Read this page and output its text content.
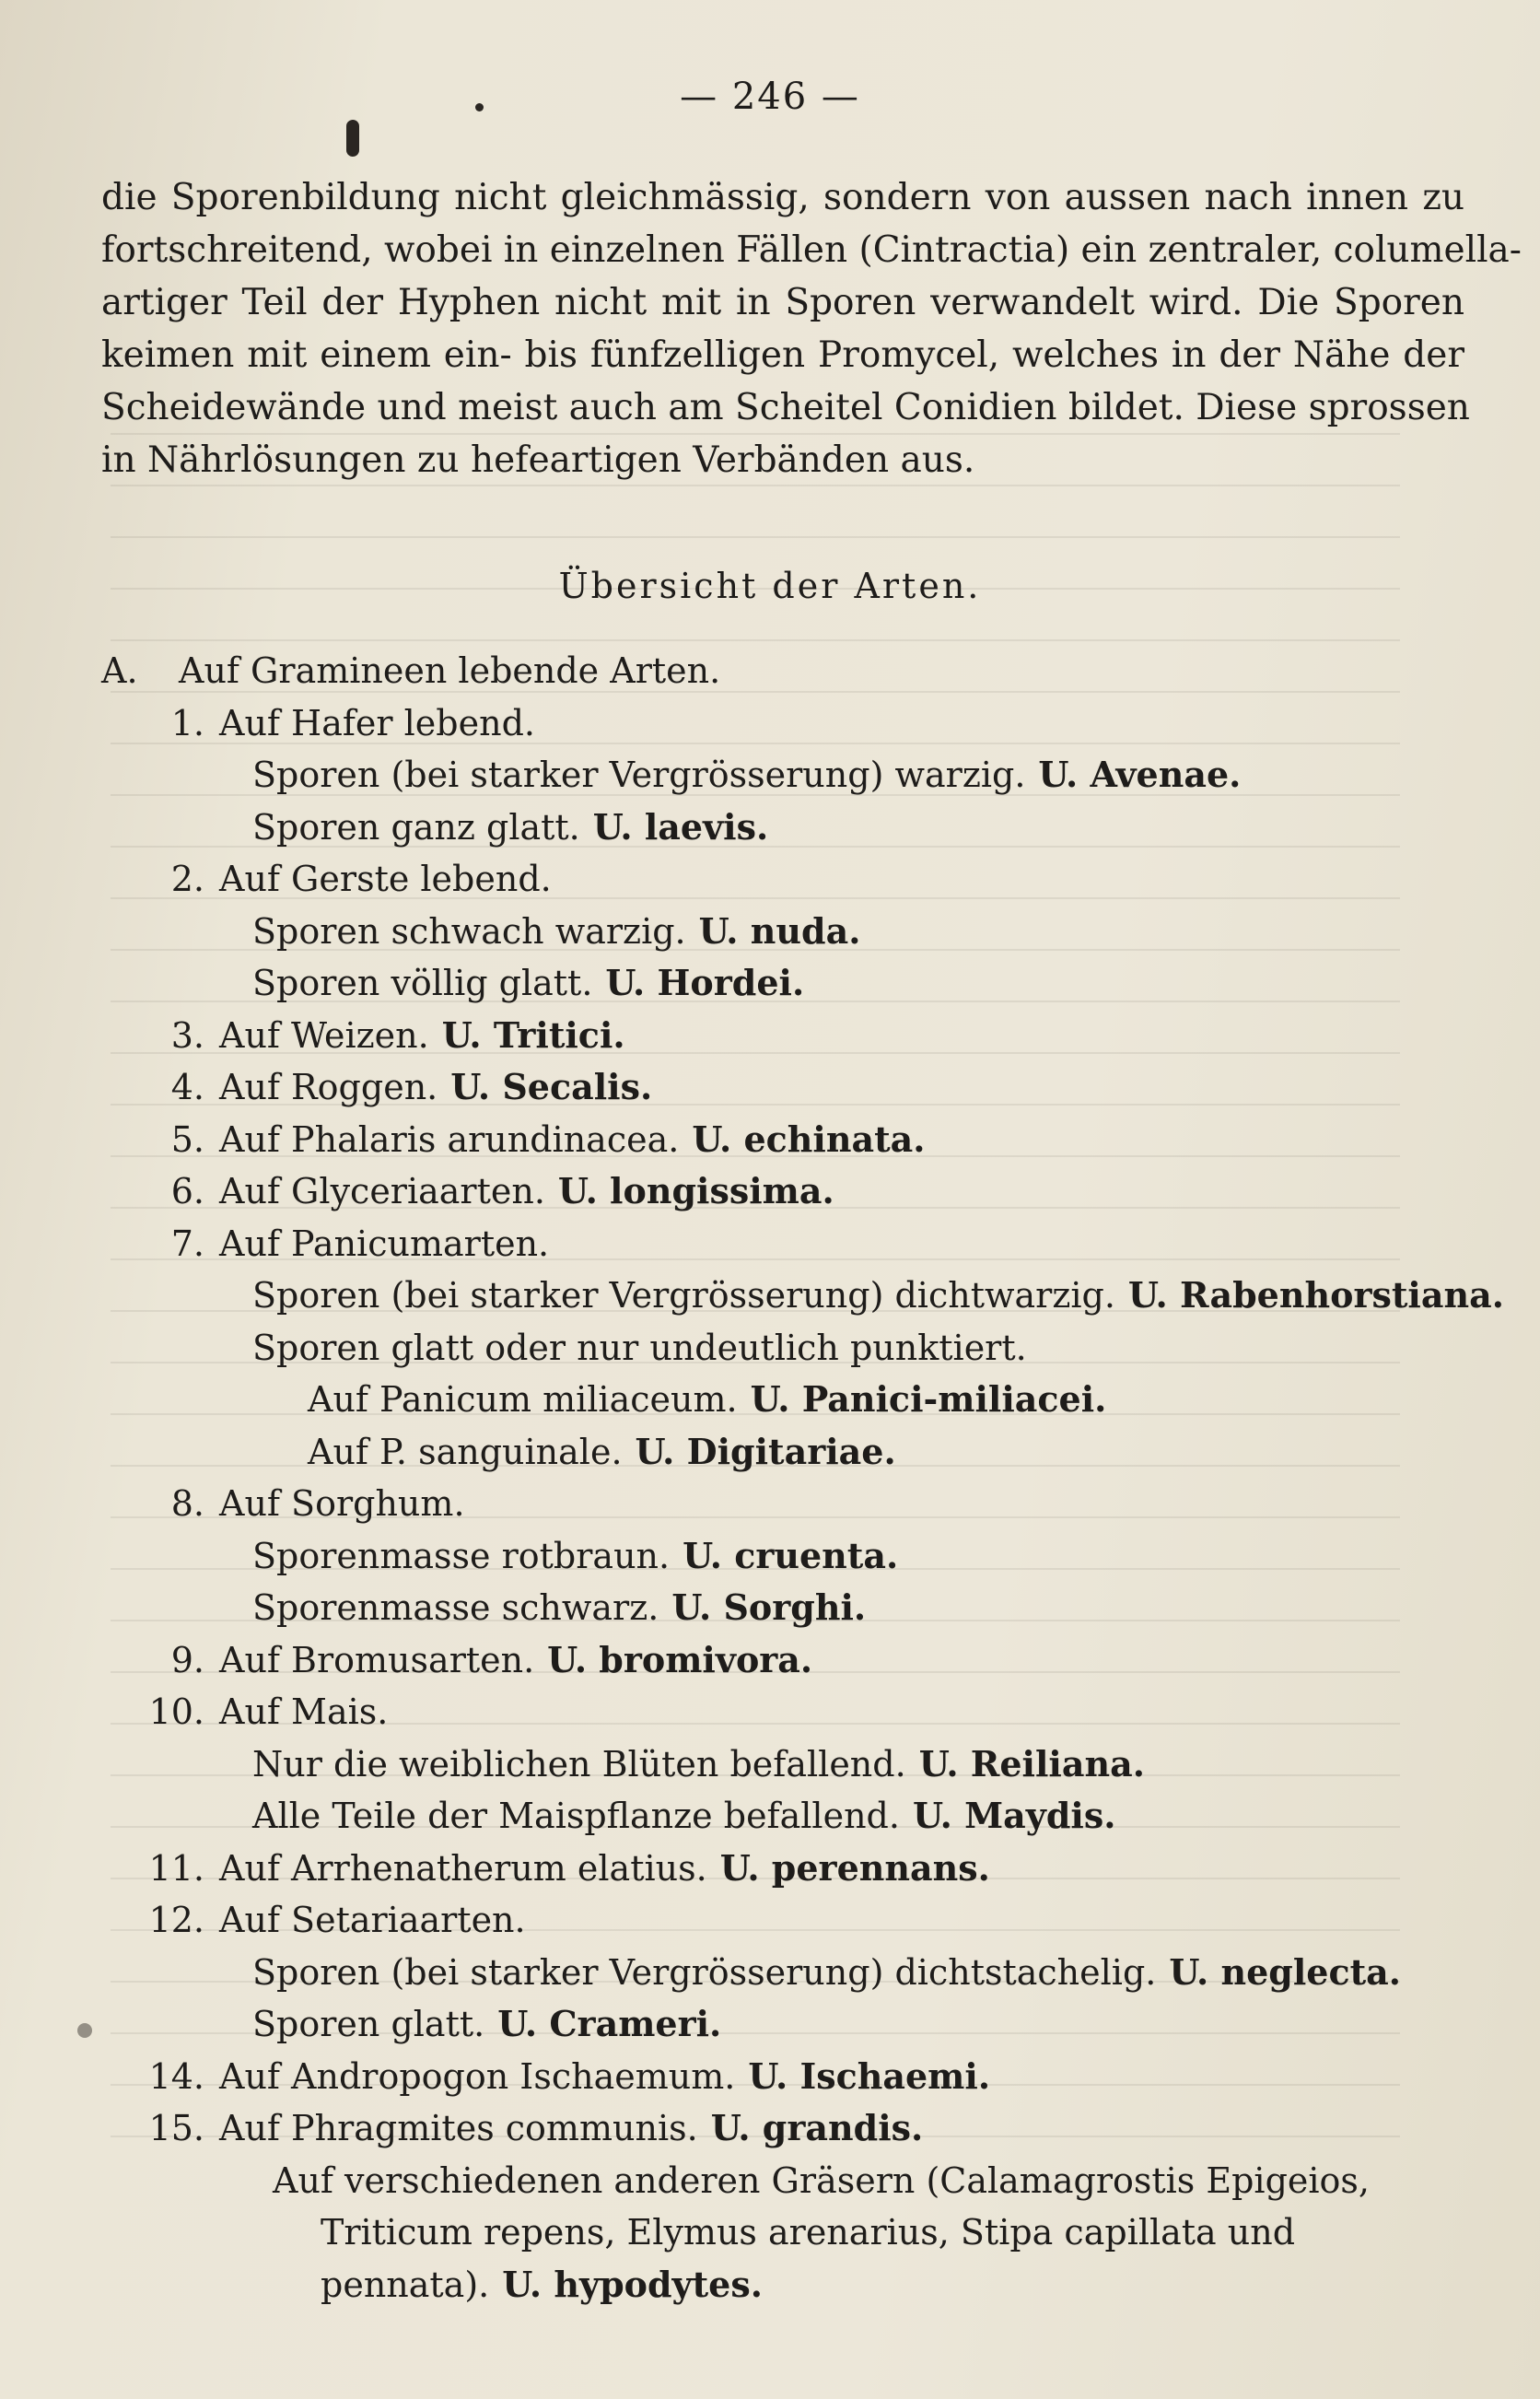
— 246 —
die Sporenbildung nicht gleichmässig, sondern von aussen nach innen zu
fortschreitend, wobei in einzelnen Fällen (Cintractia) ein zentraler, columella-
artiger Teil der Hyphen nicht mit in Sporen verwandelt wird. Die Sporen
keimen mit einem ein- bis fünfzelligen Promycel, welches in der Nähe der
Scheidewände und meist auch am Scheitel Conidien bildet. Diese sprossen
in Nährlösungen zu hefeartigen Verbänden aus.
Übersicht der Arten.
A. Auf Gramineen lebende Arten.
1. Auf Hafer lebend.
Sporen (bei starker Vergrösserung) warzig. U. Avenae.
Sporen ganz glatt. U. laevis.
2. Auf Gerste lebend.
Sporen schwach warzig. U. nuda.
Sporen völlig glatt. U. Hordei.
3. Auf Weizen. U. Tritici.
4. Auf Roggen. U. Secalis.
5. Auf Phalaris arundinacea. U. echinata.
6. Auf Glyceriaarten. U. longissima.
7. Auf Panicumarten.
Sporen (bei starker Vergrösserung) dichtwarzig. U. Rabenhorstiana.
Sporen glatt oder nur undeutlich punktiert.
Auf Panicum miliaceum. U. Panici-miliacei.
Auf P. sanguinale. U. Digitariae.
8. Auf Sorghum.
Sporenmasse rotbraun. U. cruenta.
Sporenmasse schwarz. U. Sorghi.
9. Auf Bromusarten. U. bromivora.
10. Auf Mais.
Nur die weiblichen Blüten befallend. U. Reiliana.
Alle Teile der Maispflanze befallend. U. Maydis.
11. Auf Arrhenatherum elatius. U. perennans.
12. Auf Setariaarten.
Sporen (bei starker Vergrösserung) dichtstachelig. U. neglecta.
Sporen glatt. U. Crameri.
14. Auf Andropogon Ischaemum. U. Ischaemi.
15. Auf Phragmites communis. U. grandis.
Auf verschiedenen anderen Gräsern (Calamagrostis Epigeios, Triticum repens, Elymus arenarius, Stipa capillata und pennata). U. hypodytes.
